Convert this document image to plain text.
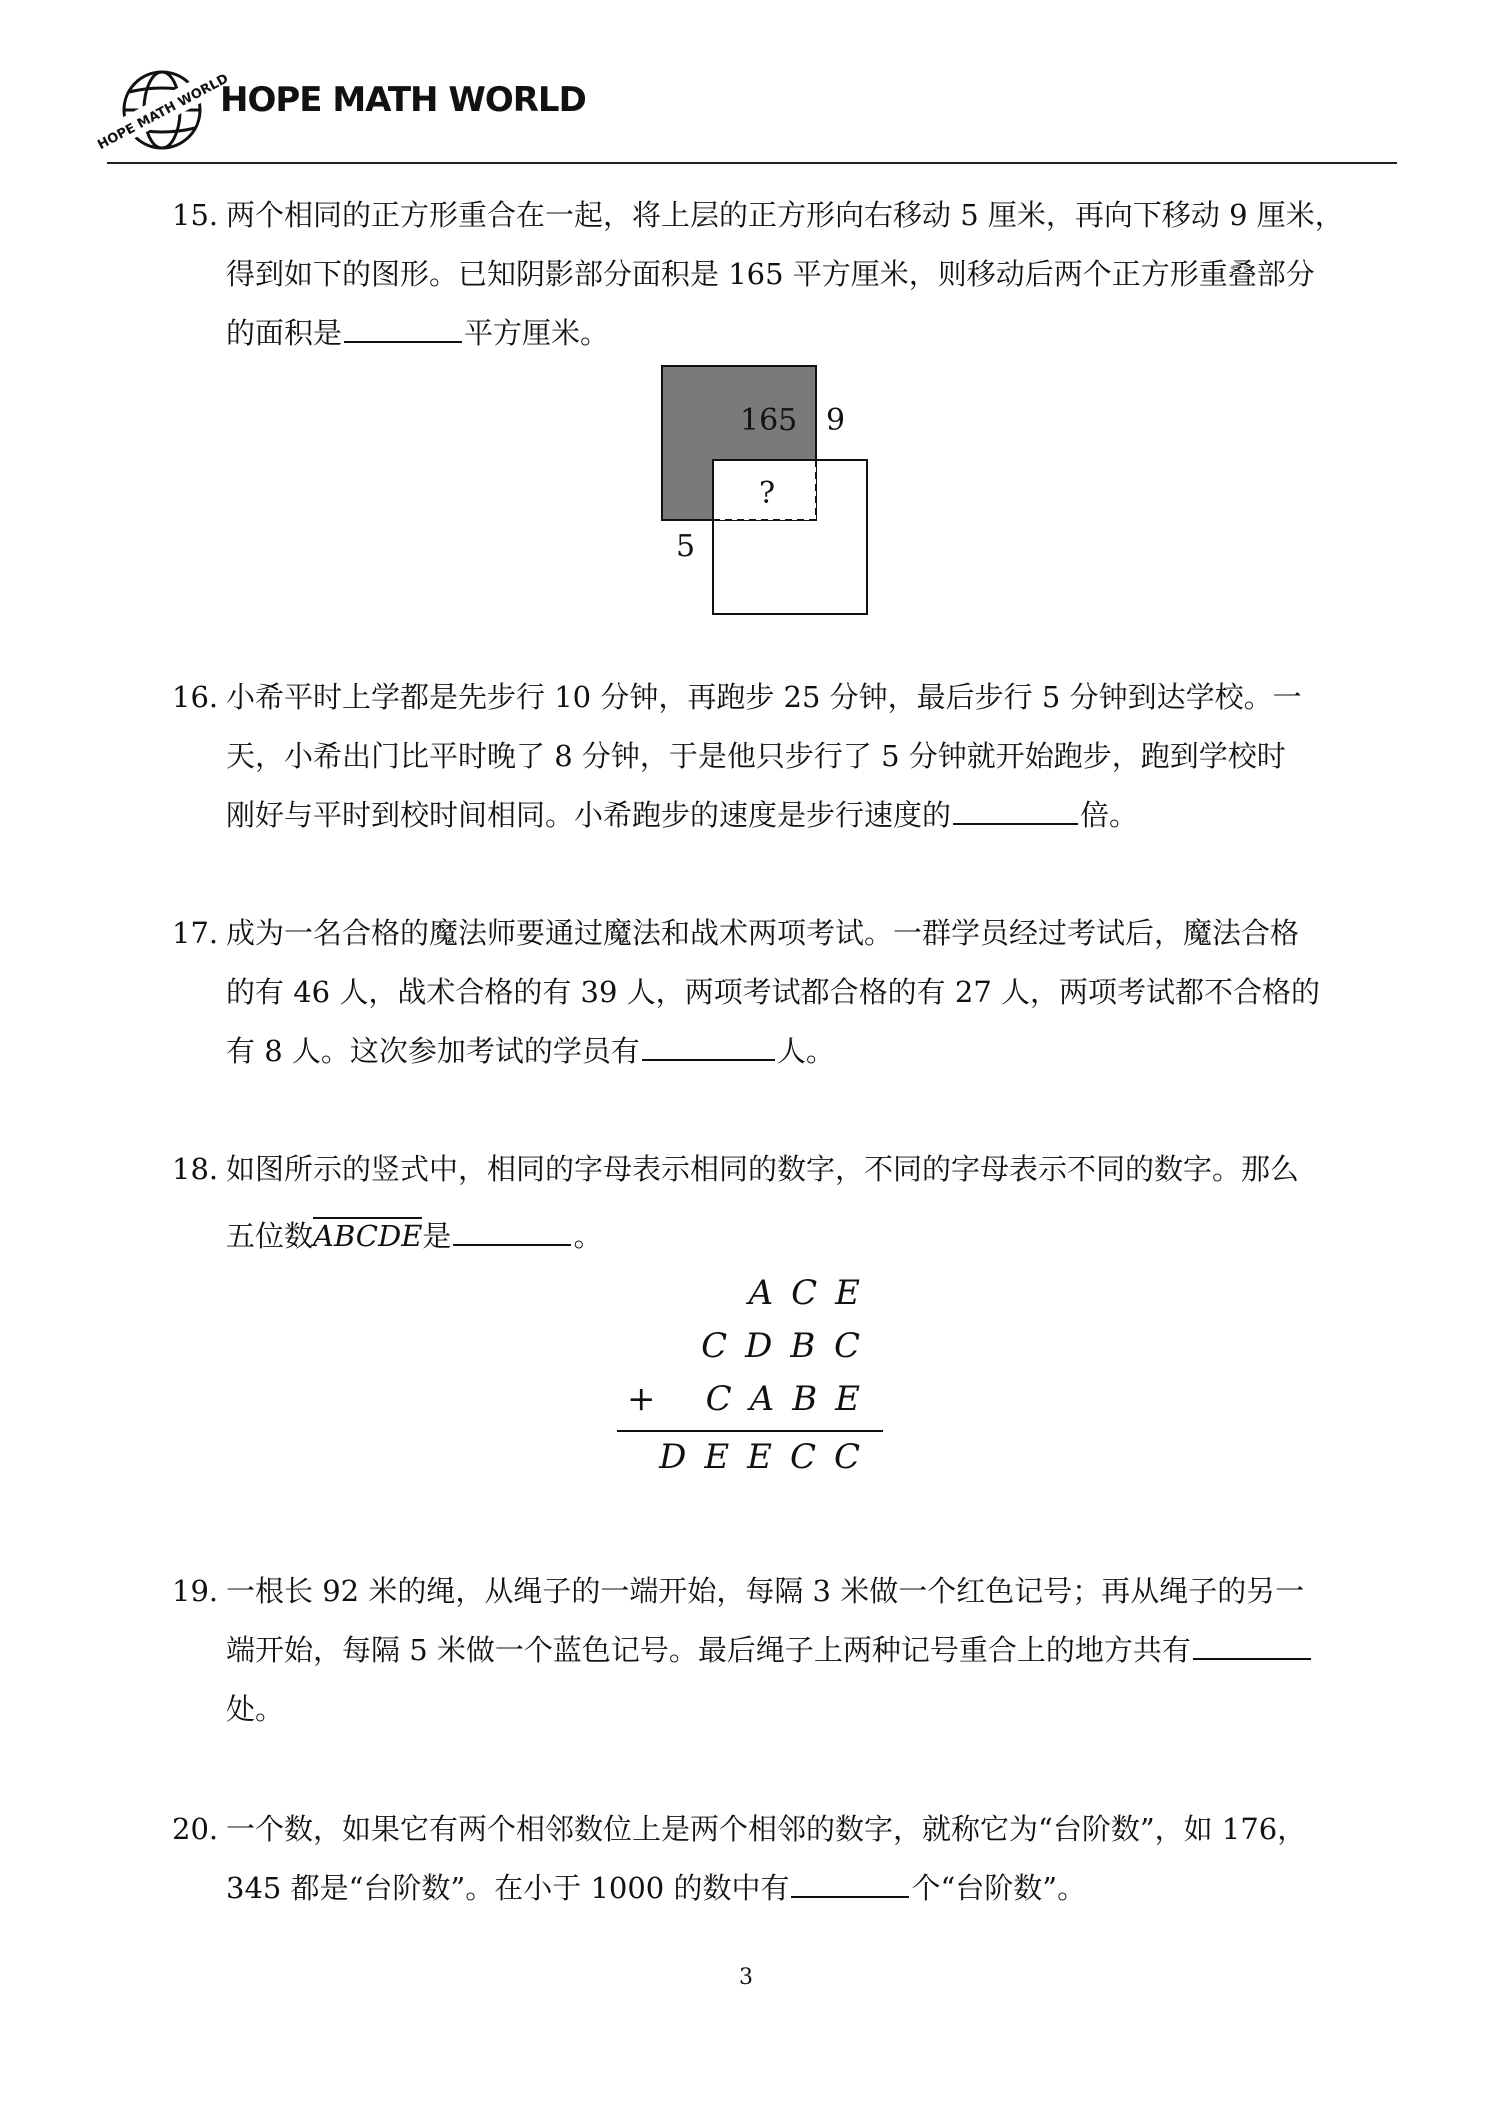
HOPE MATH WORLD
HOPE MATH WORLD
15. 两个相同的正方形重合在一起，将上层的正方形向右移动 5 厘米，再向下移动 9 厘米，
得到如下的图形。已知阴影部分面积是 165 平方厘米，则移动后两个正方形重叠部分
的面积是	平方厘米。
165 9
5
?
16. 小希平时上学都是先步行 10 分钟，再跑步 25 分钟，最后步行 5 分钟到达学校。一
天，小希出门比平时晚了 8 分钟，于是他只步行了 5 分钟就开始跑步，跑到学校时
刚好与平时到校时间相同。小希跑步的速度是步行速度的	倍。
17. 成为一名合格的魔法师要通过魔法和战术两项考试。一群学员经过考试后，魔法合格
的有 46 人，战术合格的有 39 人，两项考试都合格的有 27 人，两项考试都不合格的
有 8 人。这次参加考试的学员有	人。
18. 如图所示的竖式中，相同的字母表示相同的数字，不同的字母表示不同的数字。那么
五位数ABCDE是	。
ACE
CDBC
+ CABE
DEECC
19. 一根长 92 米的绳，从绳子的一端开始，每隔 3 米做一个红色记号；再从绳子的另一
端开始，每隔 5 米做一个蓝色记号。最后绳子上两种记号重合上的地方共有
处。
20. 一个数，如果它有两个相邻数位上是两个相邻的数字，就称它为“台阶数”，如 176，
345 都是“台阶数”。在小于 1000 的数中有	个“台阶数”。
3
